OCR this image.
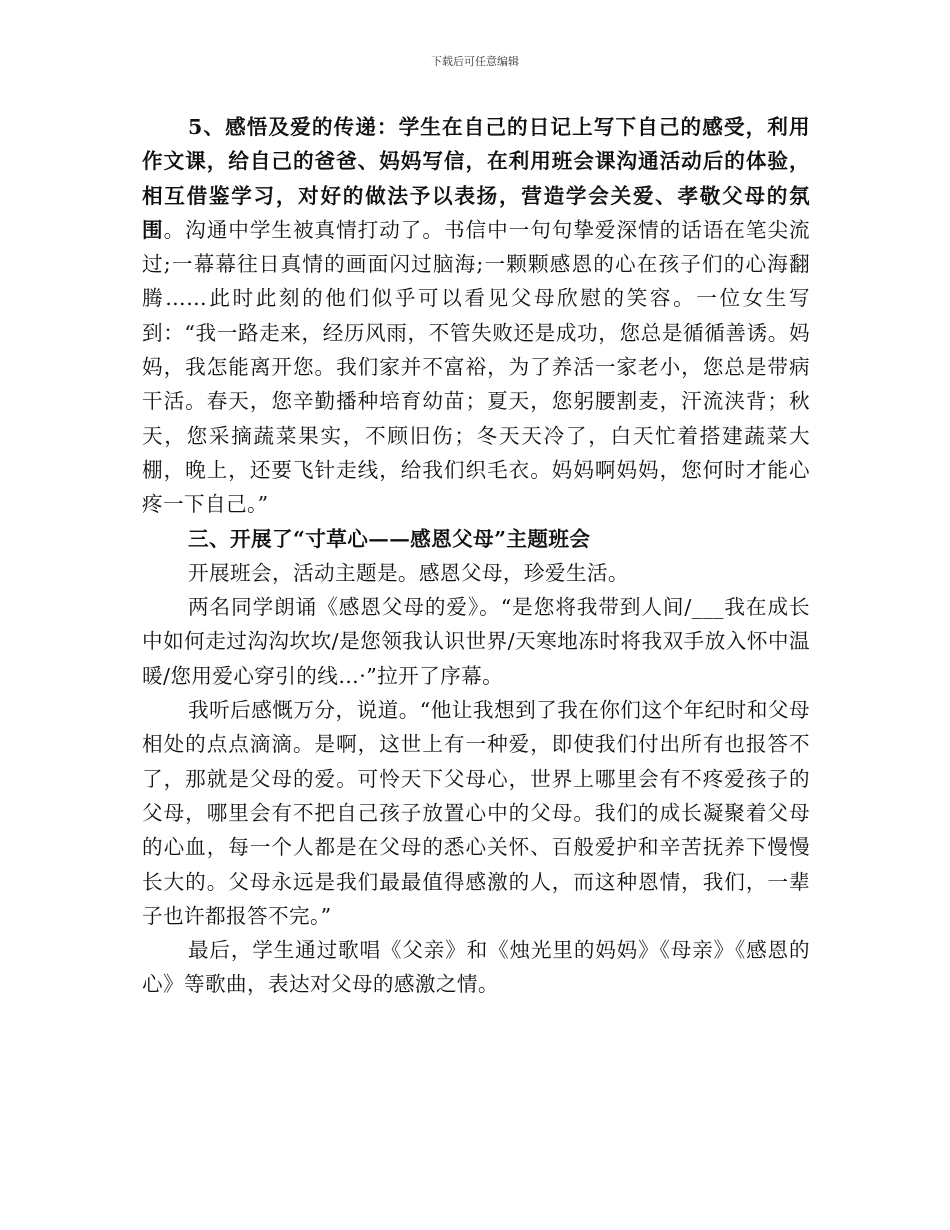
下载后可任意编辑

5、感悟及爱的传递：学生在自己的日记上写下自己的感受，利用作文课，给自己的爸爸、妈妈写信，在利用班会课沟通活动后的体验，相互借鉴学习，对好的做法予以表扬，营造学会关爱、孝敬父母的氛围。沟通中学生被真情打动了。书信中一句句挚爱深情的话语在笔尖流过;一幕幕往日真情的画面闪过脑海;一颗颗感恩的心在孩子们的心海翻腾……此时此刻的他们似乎可以看见父母欣慰的笑容。一位女生写到：“我一路走来，经历风雨，不管失败还是成功，您总是循循善诱。妈妈，我怎能离开您。我们家并不富裕，为了养活一家老小，您总是带病干活。春天，您辛勤播种培育幼苗；夏天，您躬腰割麦，汗流浃背；秋天，您采摘蔬菜果实，不顾旧伤；冬天天冷了，白天忙着搭建蔬菜大棚，晚上，还要飞针走线，给我们织毛衣。妈妈啊妈妈，您何时才能心疼一下自己。”

三、开展了“寸草心——感恩父母”主题班会

开展班会，活动主题是。感恩父母，珍爱生活。

两名同学朗诵《感恩父母的爱》。“是您将我带到人间/___我在成长中如何走过沟沟坎坎/是您领我认识世界/天寒地冻时将我双手放入怀中温暖/您用爱心穿引的线…·”拉开了序幕。

我听后感慨万分，说道。“他让我想到了我在你们这个年纪时和父母相处的点点滴滴。是啊，这世上有一种爱，即使我们付出所有也报答不了，那就是父母的爱。可怜天下父母心，世界上哪里会有不疼爱孩子的父母，哪里会有不把自己孩子放置心中的父母。我们的成长凝聚着父母的心血，每一个人都是在父母的悉心关怀、百般爱护和辛苦抚养下慢慢长大的。父母永远是我们最最值得感激的人，而这种恩情，我们，一辈子也许都报答不完。”

最后，学生通过歌唱《父亲》和《烛光里的妈妈》《母亲》《感恩的心》等歌曲，表达对父母的感激之情。
